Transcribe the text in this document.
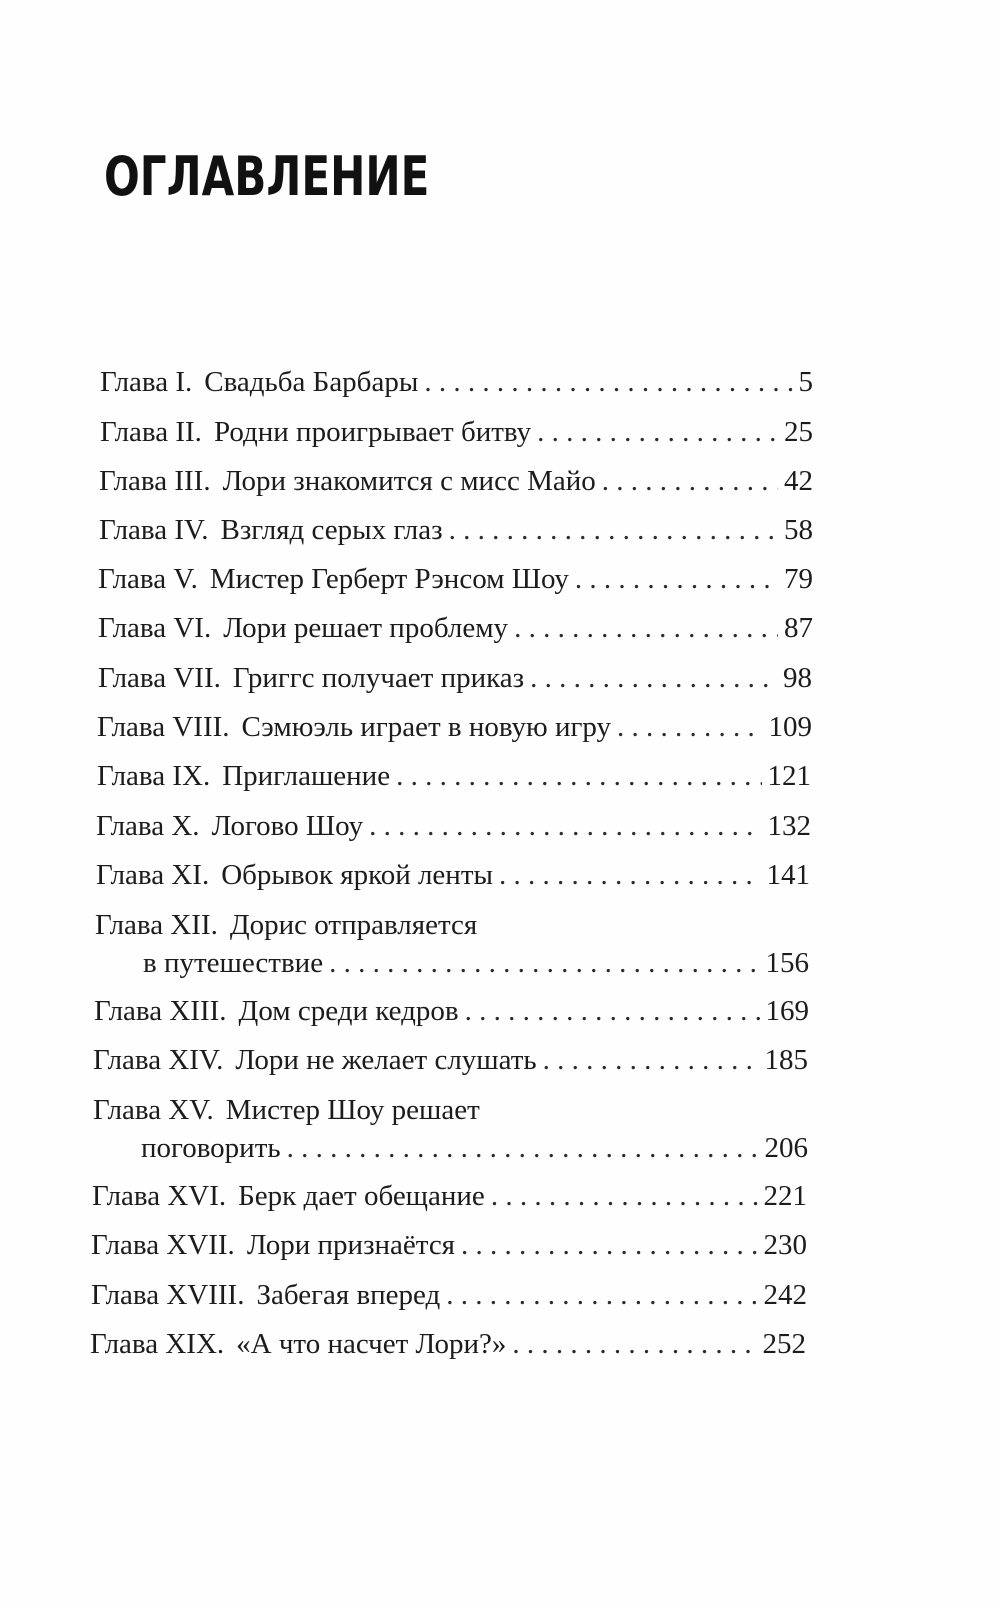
ОГЛАВЛЕНИЕ
Глава I. Свадьба Барбары . . .	5
Глава II. Родни проигрывает битву . . .	25
Глава III. Лори знакомится с мисс Майо . . .	42
Глава IV. Взгляд серых глаз . . .	58
Глава V. Мистер Герберт Рэнсом Шоу . . .	79
Глава VI. Лори решает проблему . . .	87
Глава VII. Григгс получает приказ . . .	98
Глава VIII. Сэмюэль играет в новую игру . . .	109
Глава IX. Приглашение . . .	121
Глава X. Логово Шоу . . .	132
Глава XI. Обрывок яркой ленты . . .	141
Глава XII. Дорис отправляется
в путешествие . . .	156
Глава XIII. Дом среди кедров . . .	169
Глава XIV. Лори не желает слушать . . .	185
Глава XV. Мистер Шоу решает
поговорить . . .	206
Глава XVI. Берк дает обещание . . .	221
Глава XVII. Лори признаётся . . .	230
Глава XVIII. Забегая вперед . . .	242
Глава XIX. «А что насчет Лори?» . . .	252
